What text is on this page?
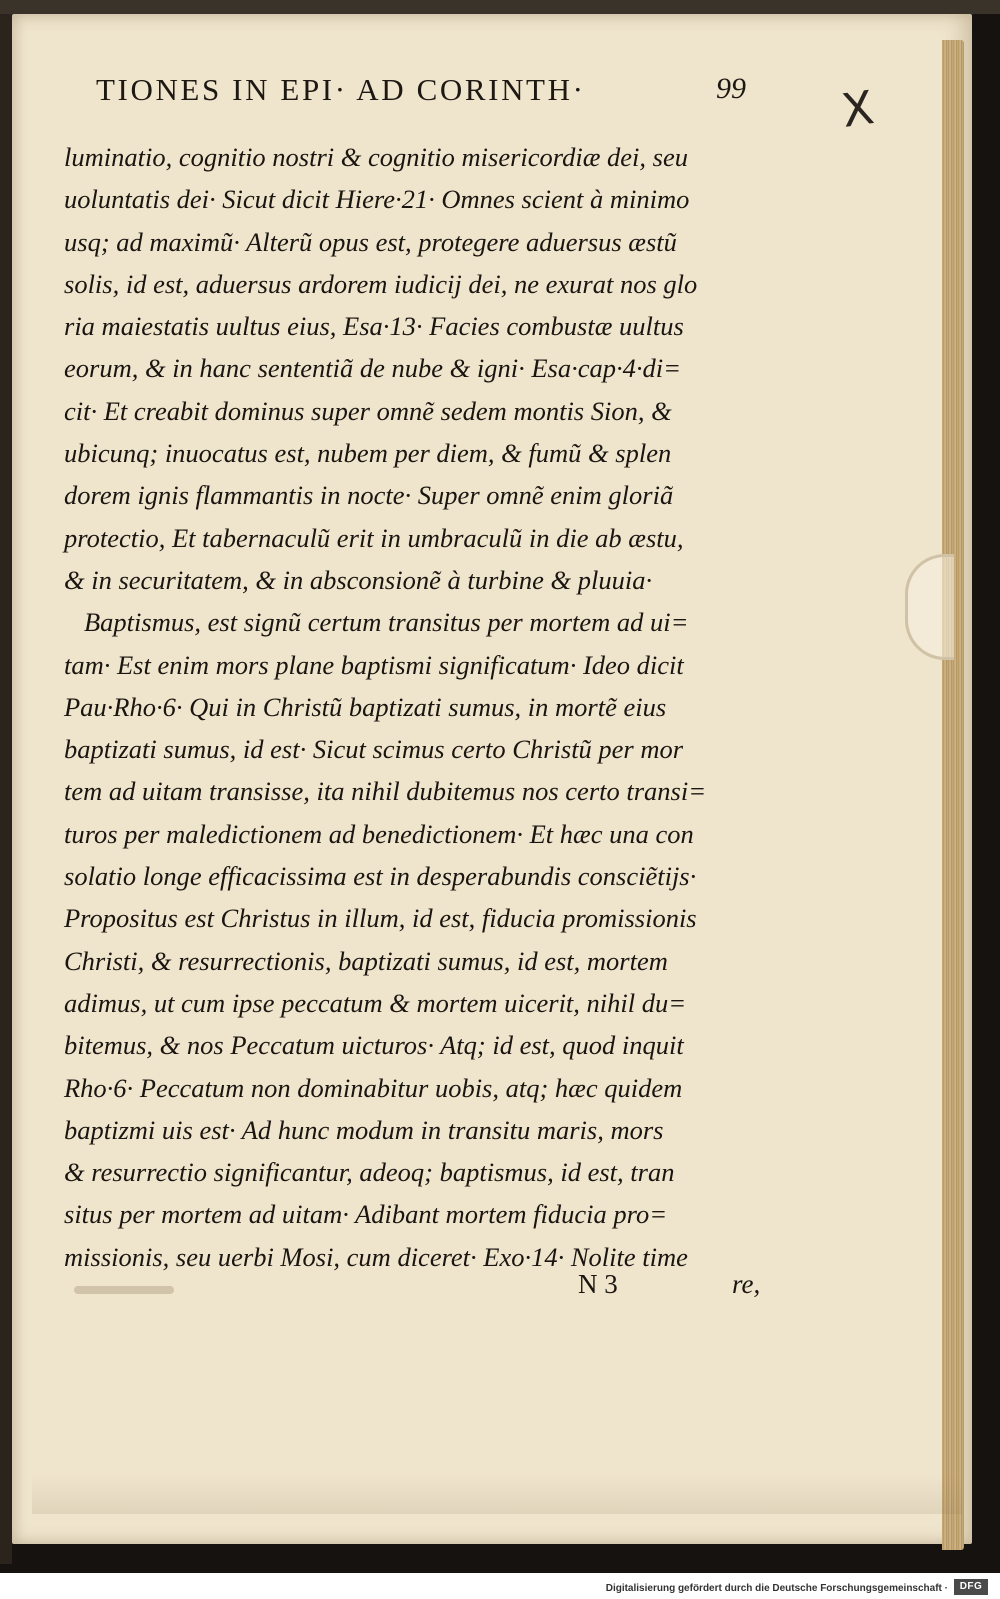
TIONES IN EPI· AD CORINTH·	99 X
luminatio, cognitio nostri & cognitio misericordiæ dei, seu
uoluntatis dei· Sicut dicit Hiere·21· Omnes scient à minimo
usq; ad maximũ· Alterũ opus est, protegere aduersus æstũ
solis, id est, aduersus ardorem iudicij dei, ne exurat nos glo
ria maiestatis uultus eius, Esa·13· Facies combustæ uultus
eorum, & in hanc sententiã de nube & igni· Esa·cap·4·di=
cit· Et creabit dominus super omnẽ sedem montis Sion, &
ubicunq; inuocatus est, nubem per diem, & fumũ & splen
dorem ignis flammantis in nocte· Super omnẽ enim gloriã
protectio, Et tabernaculũ erit in umbraculũ in die ab æstu,
& in securitatem, & in absconsionẽ à turbine & pluuia·
Baptismus, est signũ certum transitus per mortem ad ui=
tam· Est enim mors plane baptismi significatum· Ideo dicit
Pau·Rho·6· Qui in Christũ baptizati sumus, in mortẽ eius
baptizati sumus, id est· Sicut scimus certo Christũ per mor
tem ad uitam transisse, ita nihil dubitemus nos certo transi=
turos per maledictionem ad benedictionem· Et hæc una con
solatio longe efficacissima est in desperabundis consciẽtijs·
Propositus est Christus in illum, id est, fiducia promissionis
Christi, & resurrectionis, baptizati sumus, id est, mortem
adimus, ut cum ipse peccatum & mortem uicerit, nihil du=
bitemus, & nos Peccatum uicturos· Atq; id est, quod inquit
Rho·6· Peccatum non dominabitur uobis, atq; hæc quidem
baptizmi uis est· Ad hunc modum in transitu maris, mors
& resurrectio significantur, adeoq; baptismus, id est, tran
situs per mortem ad uitam· Adibant mortem fiducia pro=
missionis, seu uerbi Mosi, cum diceret· Exo·14· Nolite time
N 3	re,
Digitalisierung gefördert durch die Deutsche Forschungsgemeinschaft ·	DFG
